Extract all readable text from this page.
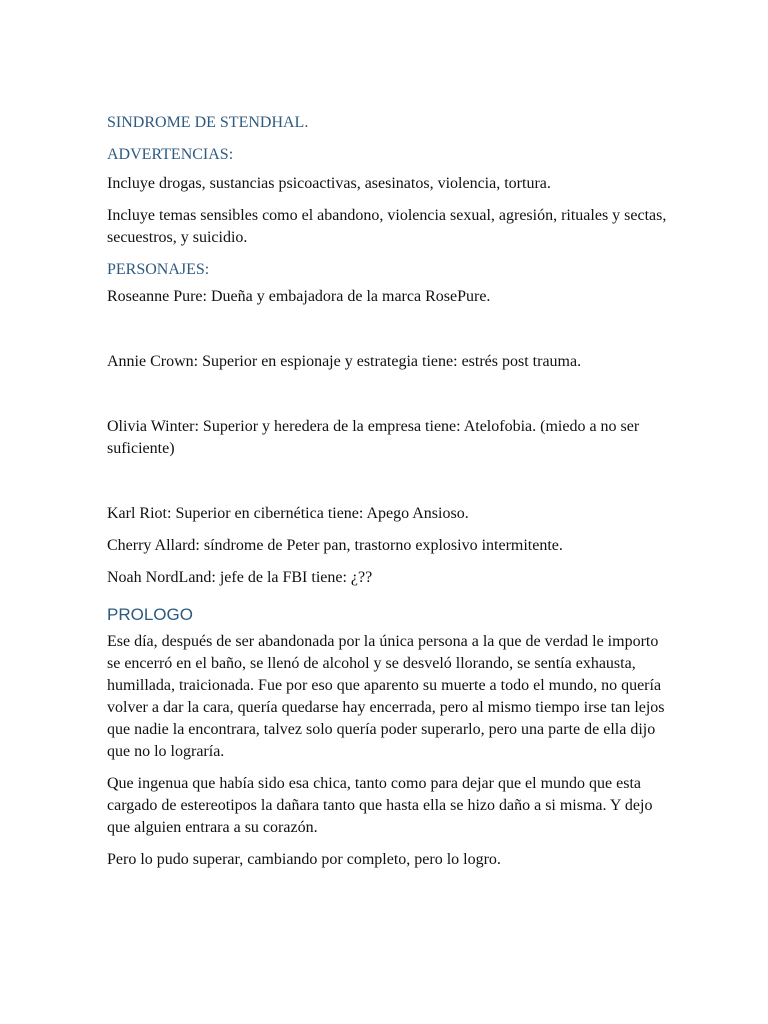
SINDROME DE STENDHAL.
ADVERTENCIAS:

Incluye drogas, sustancias psicoactivas, asesinatos, violencia, tortura.

Incluye temas sensibles como el abandono, violencia sexual, agresión, rituales y sectas, secuestros, y suicidio.

PERSONAJES:

Roseanne Pure: Dueña y embajadora de la marca RosePure.

Annie Crown: Superior en espionaje y estrategia tiene: estrés post trauma.

Olivia Winter: Superior y heredera de la empresa tiene: Atelofobia. (miedo a no ser suficiente)

Karl Riot: Superior en cibernética tiene: Apego Ansioso.

Cherry Allard: síndrome de Peter pan, trastorno explosivo intermitente.

Noah NordLand: jefe de la FBI tiene: ¿??

PROLOGO

Ese día, después de ser abandonada por la única persona a la que de verdad le importo se encerró en el baño, se llenó de alcohol y se desveló llorando, se sentía exhausta, humillada, traicionada. Fue por eso que aparento su muerte a todo el mundo, no quería volver a dar la cara, quería quedarse hay encerrada, pero al mismo tiempo irse tan lejos que nadie la encontrara, talvez solo quería poder superarlo, pero una parte de ella dijo que no lo lograría.

Que ingenua que había sido esa chica, tanto como para dejar que el mundo que esta cargado de estereotipos la dañara tanto que hasta ella se hizo daño a si misma. Y dejo que alguien entrara a su corazón.

Pero lo pudo superar, cambiando por completo, pero lo logro.
